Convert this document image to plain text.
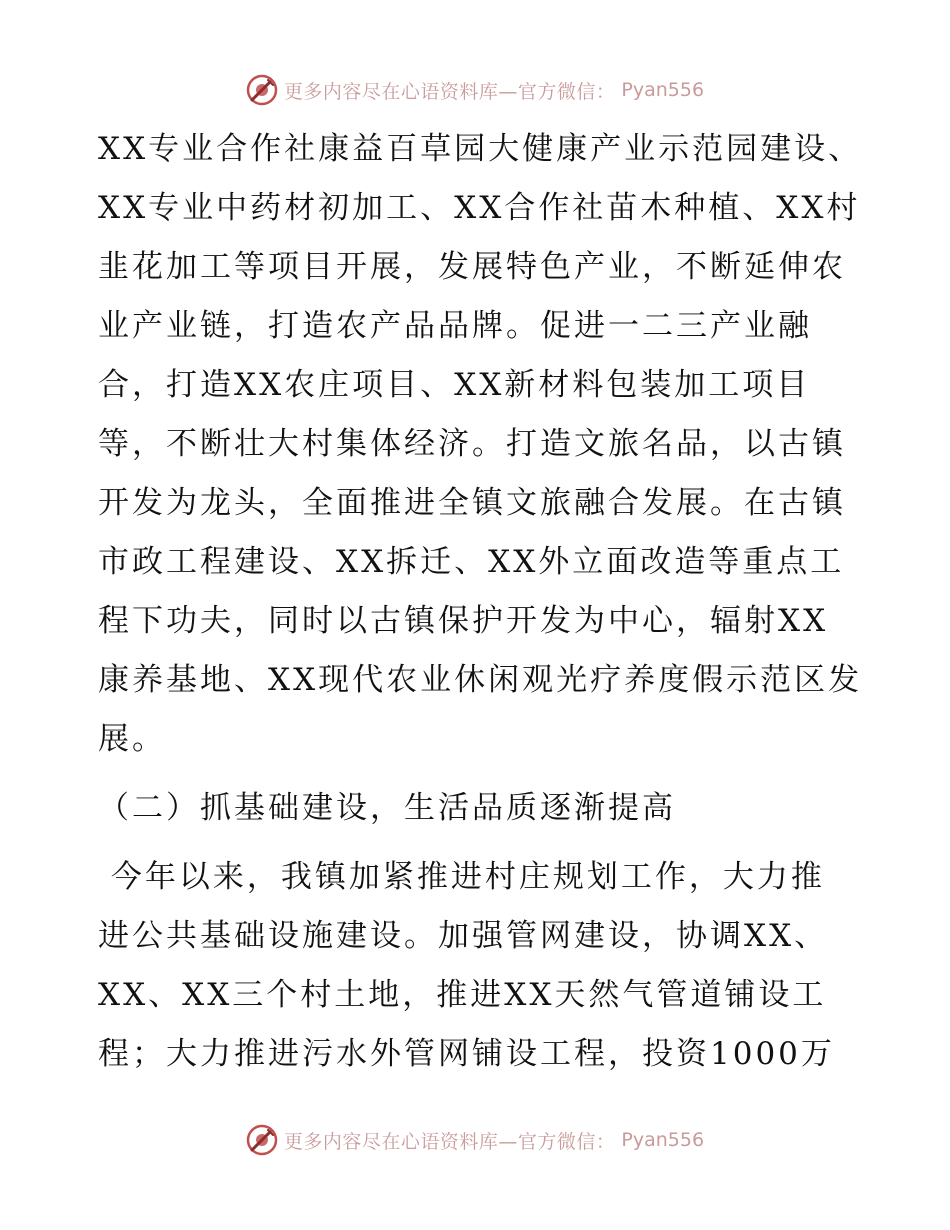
更多内容尽在心语资料库—官方微信： Pyan556
XX专业合作社康益百草园大健康产业示范园建设、
XX专业中药材初加工、XX合作社苗木种植、XX村
韭花加工等项目开展，发展特色产业，不断延伸农
业产业链，打造农产品品牌。促进一二三产业融
合，打造XX农庄项目、XX新材料包装加工项目
等，不断壮大村集体经济。打造文旅名品，以古镇
开发为龙头，全面推进全镇文旅融合发展。在古镇
市政工程建设、XX拆迁、XX外立面改造等重点工
程下功夫，同时以古镇保护开发为中心，辐射XX
康养基地、XX现代农业休闲观光疗养度假示范区发
展。
（二）抓基础建设，生活品质逐渐提高
今年以来，我镇加紧推进村庄规划工作，大力推
进公共基础设施建设。加强管网建设，协调XX、
XX、XX三个村土地，推进XX天然气管道铺设工
程；大力推进污水外管网铺设工程，投资1000万
更多内容尽在心语资料库—官方微信： Pyan556
